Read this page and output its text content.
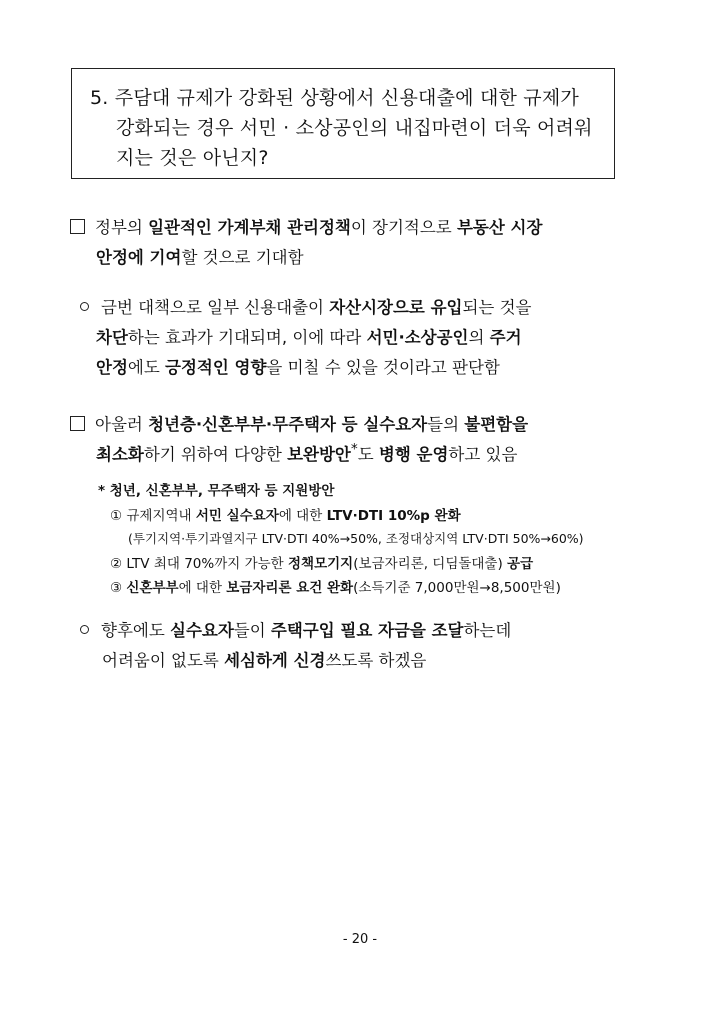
5. 주담대 규제가 강화된 상황에서 신용대출에 대한 규제가
강화되는 경우 서민 · 소상공인의 내집마련이 더욱 어려워
지는 것은 아닌지?
정부의 일관적인 가계부채 관리정책이 장기적으로 부동산 시장
안정에 기여할 것으로 기대함
금번 대책으로 일부 신용대출이 자산시장으로 유입되는 것을
차단하는 효과가 기대되며, 이에 따라 서민·소상공인의 주거
안정에도 긍정적인 영향을 미칠 수 있을 것이라고 판단함
아울러 청년층·신혼부부·무주택자 등 실수요자들의 불편함을
최소화하기 위하여 다양한 보완방안*도 병행 운영하고 있음
* 청년, 신혼부부, 무주택자 등 지원방안
① 규제지역내 서민 실수요자에 대한 LTV·DTI 10%p 완화
(투기지역·투기과열지구 LTV·DTI 40%→50%, 조정대상지역 LTV·DTI 50%→60%)
② LTV 최대 70%까지 가능한 정책모기지(보금자리론, 디딤돌대출) 공급
③ 신혼부부에 대한 보금자리론 요건 완화(소득기준 7,000만원→8,500만원)
향후에도 실수요자들이 주택구입 필요 자금을 조달하는데
어려움이 없도록 세심하게 신경쓰도록 하겠음
- 20 -
